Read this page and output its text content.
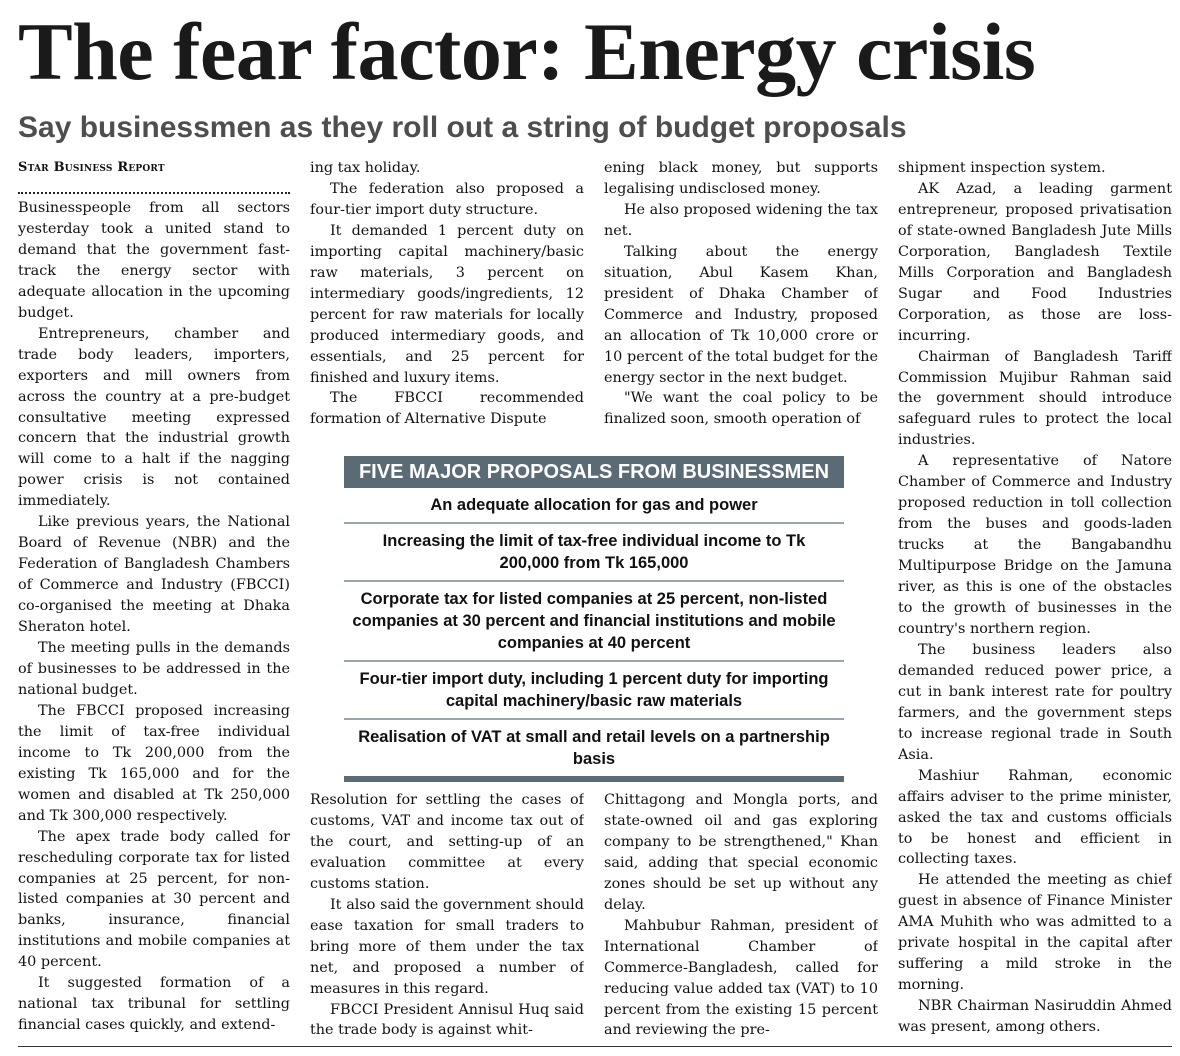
The fear factor: Energy crisis
Say businessmen as they roll out a string of budget proposals
Star Business Report

Businesspeople from all sectors yesterday took a united stand to demand that the government fast-track the energy sector with adequate allocation in the upcoming budget.

Entrepreneurs, chamber and trade body leaders, importers, exporters and mill owners from across the country at a pre-budget consultative meeting expressed concern that the industrial growth will come to a halt if the nagging power crisis is not contained immediately.

Like previous years, the National Board of Revenue (NBR) and the Federation of Bangladesh Chambers of Commerce and Industry (FBCCI) co-organised the meeting at Dhaka Sheraton hotel.

The meeting pulls in the demands of businesses to be addressed in the national budget.

The FBCCI proposed increasing the limit of tax-free individual income to Tk 200,000 from the existing Tk 165,000 and for the women and disabled at Tk 250,000 and Tk 300,000 respectively.

The apex trade body called for rescheduling corporate tax for listed companies at 25 percent, for non-listed companies at 30 percent and banks, insurance, financial institutions and mobile companies at 40 percent.

It suggested formation of a national tax tribunal for settling financial cases quickly, and extend-

ing tax holiday.

The federation also proposed a four-tier import duty structure.

It demanded 1 percent duty on importing capital machinery/basic raw materials, 3 percent on intermediary goods/ingredients, 12 percent for raw materials for locally produced intermediary goods, and essentials, and 25 percent for finished and luxury items.

The FBCCI recommended formation of Alternative Dispute

ening black money, but supports legalising undisclosed money.

He also proposed widening the tax net.

Talking about the energy situation, Abul Kasem Khan, president of Dhaka Chamber of Commerce and Industry, proposed an allocation of Tk 10,000 crore or 10 percent of the total budget for the energy sector in the next budget.

"We want the coal policy to be finalized soon, smooth operation of

FIVE MAJOR PROPOSALS FROM BUSINESSMEN
An adequate allocation for gas and power
Increasing the limit of tax-free individual income to Tk 200,000 from Tk 165,000
Corporate tax for listed companies at 25 percent, non-listed companies at 30 percent and financial institutions and mobile companies at 40 percent
Four-tier import duty, including 1 percent duty for importing capital machinery/basic raw materials
Realisation of VAT at small and retail levels on a partnership basis

Resolution for settling the cases of customs, VAT and income tax out of the court, and setting-up of an evaluation committee at every customs station.

It also said the government should ease taxation for small traders to bring more of them under the tax net, and proposed a number of measures in this regard.

FBCCI President Annisul Huq said the trade body is against whit-

Chittagong and Mongla ports, and state-owned oil and gas exploring company to be strengthened," Khan said, adding that special economic zones should be set up without any delay.

Mahbubur Rahman, president of International Chamber of Commerce-Bangladesh, called for reducing value added tax (VAT) to 10 percent from the existing 15 percent and reviewing the pre-

shipment inspection system.

AK Azad, a leading garment entrepreneur, proposed privatisation of state-owned Bangladesh Jute Mills Corporation, Bangladesh Textile Mills Corporation and Bangladesh Sugar and Food Industries Corporation, as those are loss-incurring.

Chairman of Bangladesh Tariff Commission Mujibur Rahman said the government should introduce safeguard rules to protect the local industries.

A representative of Natore Chamber of Commerce and Industry proposed reduction in toll collection from the buses and goods-laden trucks at the Bangabandhu Multipurpose Bridge on the Jamuna river, as this is one of the obstacles to the growth of businesses in the country's northern region.

The business leaders also demanded reduced power price, a cut in bank interest rate for poultry farmers, and the government steps to increase regional trade in South Asia.

Mashiur Rahman, economic affairs adviser to the prime minister, asked the tax and customs officials to be honest and efficient in collecting taxes.

He attended the meeting as chief guest in absence of Finance Minister AMA Muhith who was admitted to a private hospital in the capital after suffering a mild stroke in the morning.

NBR Chairman Nasiruddin Ahmed was present, among others.
